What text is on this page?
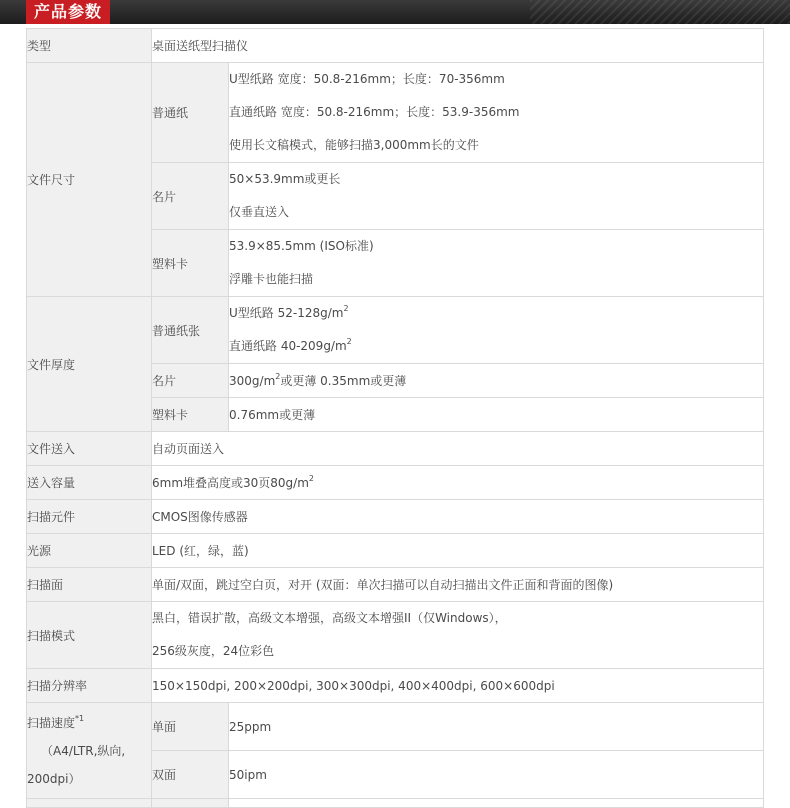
产品参数
类型	桌面送纸型扫描仪	
文件尺寸	普通纸	U型纸路 宽度：50.8-216mm；长度：70-356mm
直通纸路 宽度：50.8-216mm；长度：53.9-356mm
使用长文稿模式，能够扫描3,000mm长的文件

	名片	50×53.9mm或更长
仅垂直送入

	塑料卡	53.9×85.5mm (ISO标准)
浮雕卡也能扫描

文件厚度	普通纸张	U型纸路 $52-128g/m^2$
直通纸路 $40-209g/m^2$

	名片	$300g/m^2$或更薄 0.35mm或更薄
	塑料卡	0.76mm或更薄
文件送入	自动页面送入	
送入容量	6mm堆叠高度或30页$80g/m^2$
扫描元件	CMOS图像传感器	
光源	LED (红，绿，蓝)	
扫描面	单面/双面，跳过空白页，对开 (双面：单次扫描可以自动扫描出文件正面和背面的图像)	
扫描模式	黑白，错误扩散，高级文本增强，高级文本增强II（仅Windows），
256级灰度，24位彩色	

扫描分辨率	150×150dpi, 200×200dpi, 300×300dpi, 400×400dpi, 600×600dpi	

扫描速度$^{*1}$
（A4/LTR,纵向,
200dpi）	单面	25ppm
	双面	50ipm
